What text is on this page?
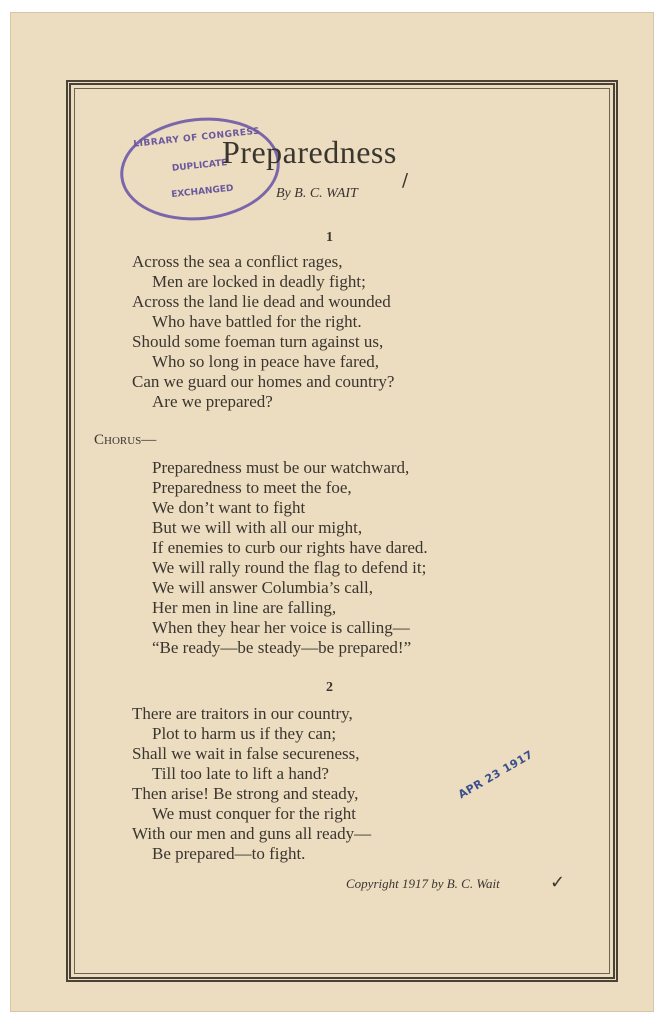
LIBRARY OF CONGRESS
DUPLICATE
EXCHANGED
Preparedness
/
By B. C. WAIT
1
Across the sea a conflict rages,
Men are locked in deadly fight;
Across the land lie dead and wounded
Who have battled for the right.
Should some foeman turn against us,
Who so long in peace have fared,
Can we guard our homes and country?
Are we prepared?
Chorus—
Preparedness must be our watchward,
Preparedness to meet the foe,
We don’t want to fight
But we will with all our might,
If enemies to curb our rights have dared.
We will rally round the flag to defend it;
We will answer Columbia’s call,
Her men in line are falling,
When they hear her voice is calling—
“Be ready—be steady—be prepared!”
2
There are traitors in our country,
Plot to harm us if they can;
Shall we wait in false secureness,
Till too late to lift a hand?
Then arise! Be strong and steady,
We must conquer for the right
With our men and guns all ready—
Be prepared—to fight.
APR 23 1917
Copyright 1917 by B. C. Wait	✓
